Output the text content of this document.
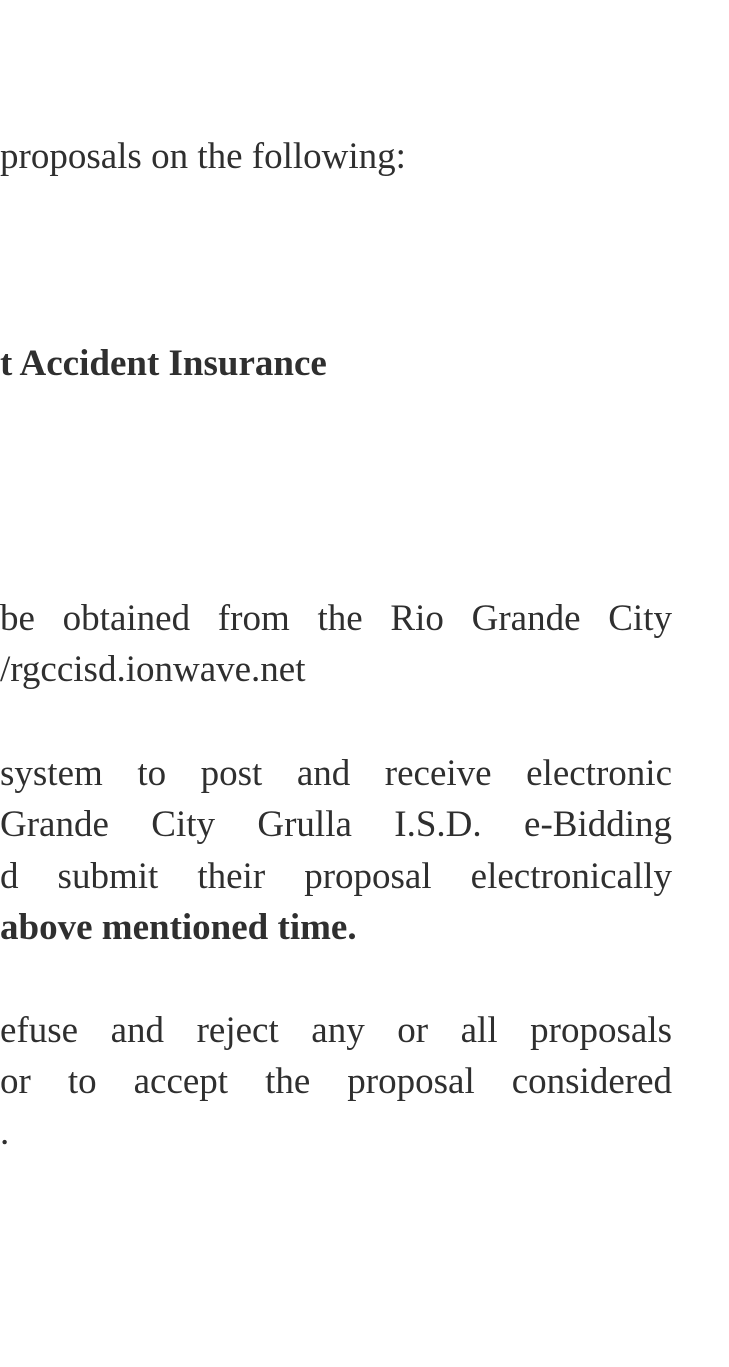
proposals on the following:
t Accident Insurance
be obtained from the Rio Grande City
/rgccisd.ionwave.net
system to post and receive electronic
Grande City Grulla I.S.D. e-Bidding
d submit their proposal electronically
above mentioned time.
efuse and reject any or all proposals
or to accept the proposal considered
.
